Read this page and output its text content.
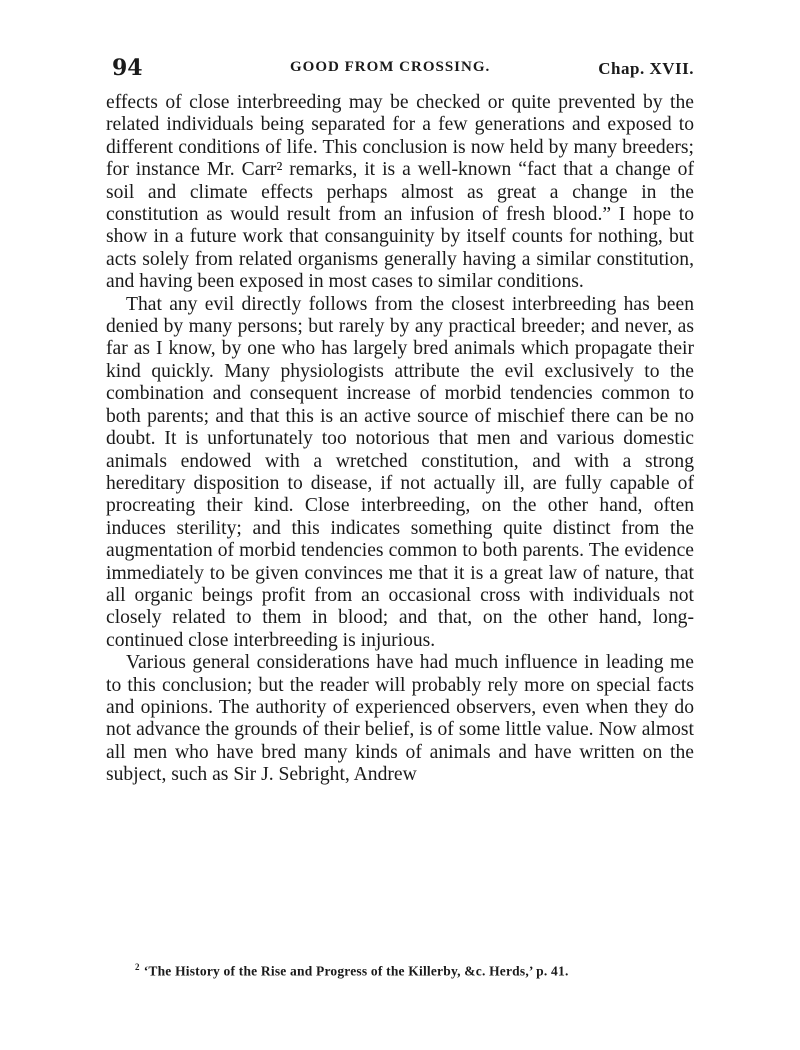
94	GOOD FROM CROSSING.	Chap. XVII.

effects of close interbreeding may be checked or quite prevented by the related individuals being separated for a few generations and exposed to different conditions of life. This conclusion is now held by many breeders; for instance Mr. Carr² remarks, it is a well-known “fact that a change of soil and climate effects perhaps almost as great a change in the constitution as would result from an infusion of fresh blood.” I hope to show in a future work that consanguinity by itself counts for nothing, but acts solely from related organisms generally having a similar constitution, and having been exposed in most cases to similar conditions.

That any evil directly follows from the closest interbreeding has been denied by many persons; but rarely by any practical breeder; and never, as far as I know, by one who has largely bred animals which propagate their kind quickly. Many physiologists attribute the evil exclusively to the combination and consequent increase of morbid tendencies common to both parents; and that this is an active source of mischief there can be no doubt. It is unfortunately too notorious that men and various domestic animals endowed with a wretched constitution, and with a strong hereditary disposition to disease, if not actually ill, are fully capable of procreating their kind. Close interbreeding, on the other hand, often induces sterility; and this indicates something quite distinct from the augmentation of morbid tendencies common to both parents. The evidence immediately to be given convinces me that it is a great law of nature, that all organic beings profit from an occasional cross with individuals not closely related to them in blood; and that, on the other hand, long-continued close interbreeding is injurious.

Various general considerations have had much influence in leading me to this conclusion; but the reader will probably rely more on special facts and opinions. The authority of experienced observers, even when they do not advance the grounds of their belief, is of some little value. Now almost all men who have bred many kinds of animals and have written on the subject, such as Sir J. Sebright, Andrew

$^2$ ‘The History of the Rise and Progress of the Killerby, &c. Herds,’ p. 41.
